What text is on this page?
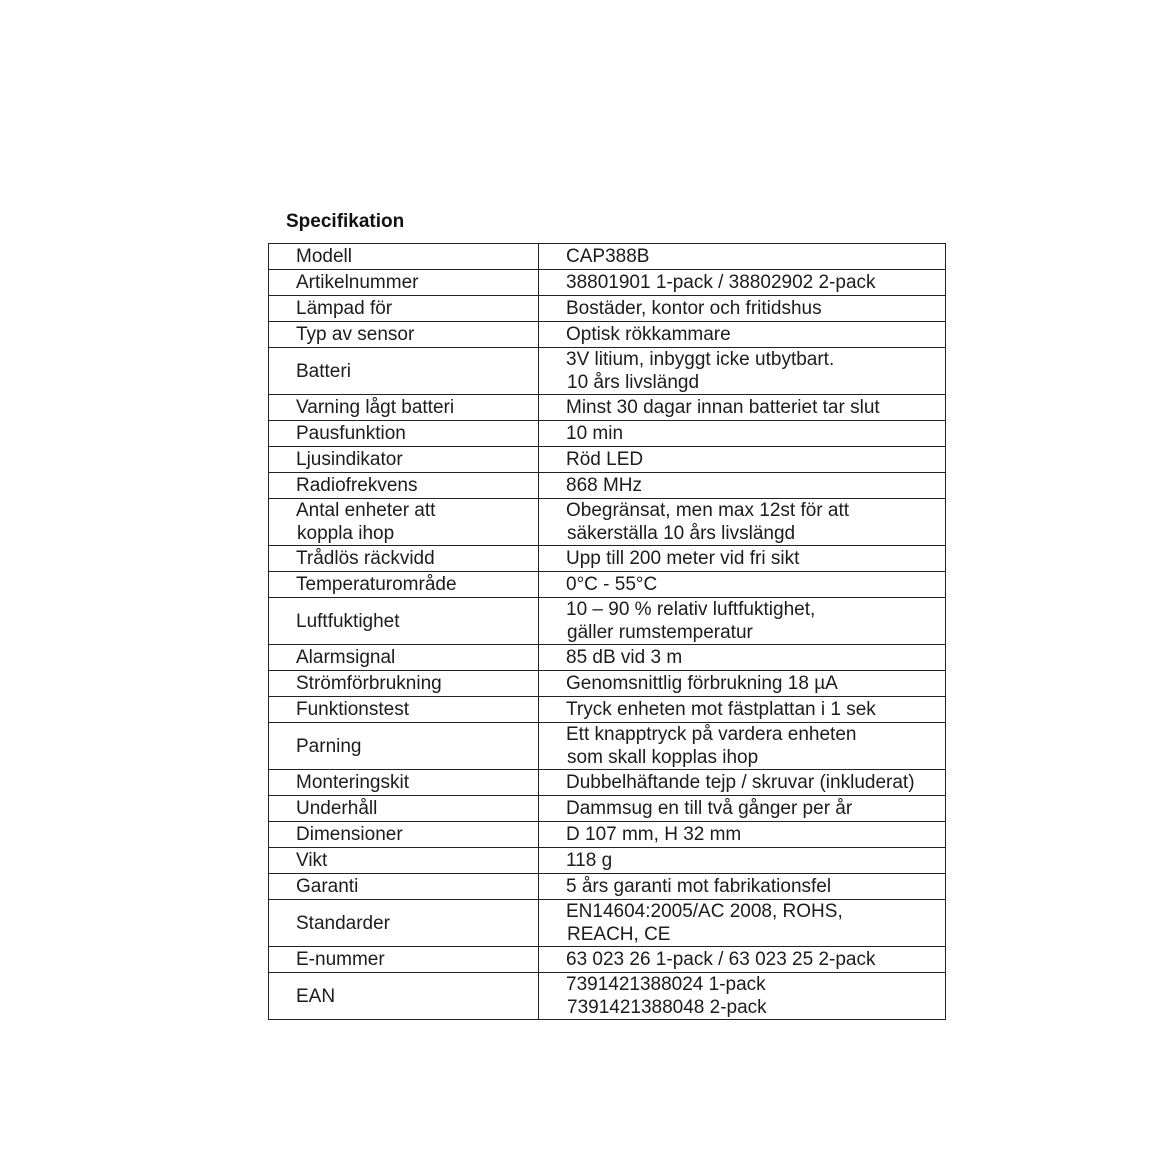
Specifikation
Modell	CAP388B

Artikelnummer	38801901 1-pack / 38802902 2-pack

Lämpad för	Bostäder, kontor och fritidshus

Typ av sensor	Optisk rökkammare

Batteri	3V litium, inbyggt icke utbytbart.
10 års livslängd

Varning lågt batteri	Minst 30 dagar innan batteriet tar slut

Pausfunktion	10 min

Ljusindikator	Röd LED

Radiofrekvens	868 MHz

Antal enheter att
koppla ihop	Obegränsat, men max 12st för att
säkerställa 10 års livslängd

Trådlös räckvidd	Upp till 200 meter vid fri sikt

Temperaturområde	0°C - 55°C

Luftfuktighet	10 – 90 % relativ luftfuktighet,
gäller rumstemperatur

Alarmsignal	85 dB vid 3 m

Strömförbrukning	Genomsnittlig förbrukning 18 µA

Funktionstest	Tryck enheten mot fästplattan i 1 sek

Parning	Ett knapptryck på vardera enheten
som skall kopplas ihop

Monteringskit	Dubbelhäftande tejp / skruvar (inkluderat)

Underhåll	Dammsug en till två gånger per år

Dimensioner	D 107 mm, H 32 mm

Vikt	118 g

Garanti	5 års garanti mot fabrikationsfel

Standarder	EN14604:2005/AC 2008, ROHS,
REACH, CE

E-nummer	63 023 26 1-pack / 63 023 25 2-pack

EAN	7391421388024 1-pack
7391421388048 2-pack
